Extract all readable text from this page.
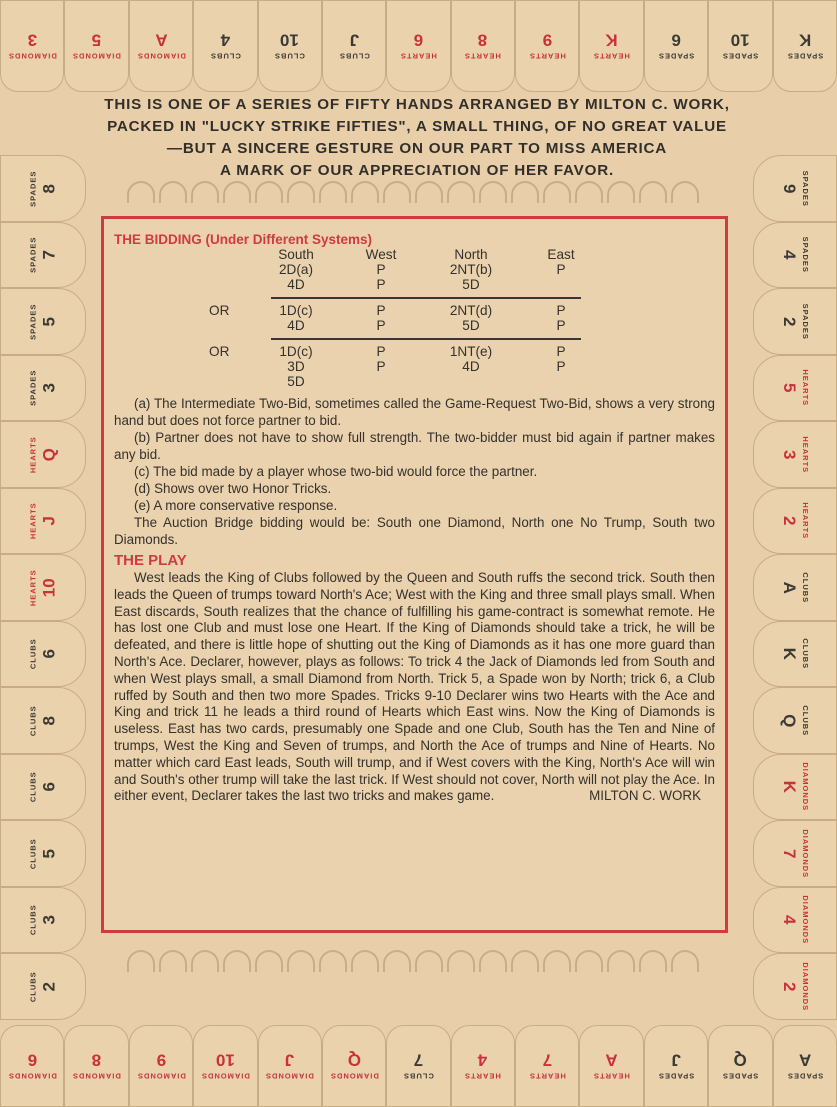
DIAMONDS
3
DIAMONDS
5
DIAMONDS
A
CLUBS
4
CLUBS
10
CLUBS
J
HEARTS
6
HEARTS
8
HEARTS
9
HEARTS
K
SPADES
6
SPADES
10
SPADES
K
DIAMONDS
6
DIAMONDS
8
DIAMONDS
9
DIAMONDS
10
DIAMONDS
J
DIAMONDS
Q
CLUBS
7
HEARTS
4
HEARTS
7
HEARTS
A
SPADES
J
SPADES
Q
SPADES
A
SPADES 8
SPADES 7
SPADES 5
SPADES 3
HEARTS Q
HEARTS J
HEARTS 10
CLUBS 6
CLUBS 8
CLUBS 6
CLUBS 5
CLUBS 3
CLUBS 2
SPADES
9
SPADES
4
SPADES
2
HEARTS
5
HEARTS
3
HEARTS
2
CLUBS
A
CLUBS
K
CLUBS
Q
DIAMONDS
K
DIAMONDS
7
DIAMONDS
4
DIAMONDS
2
THIS IS ONE OF A SERIES OF FIFTY HANDS ARRANGED BY MILTON C. WORK,
PACKED IN "LUCKY STRIKE FIFTIES", A SMALL THING, OF NO GREAT VALUE
—BUT A SINCERE GESTURE ON OUR PART TO MISS AMERICA
A MARK OF OUR APPRECIATION OF HER FAVOR.
THE BIDDING (Under Different Systems)
	South		West		North		East
	2D(a)		P		2NT(b)		P
	4D		P		5D		

OR	1D(c)		P		2NT(d)		P
	4D		P		5D		P

OR	1D(c)		P		1NT(e)		P
	3D		P		4D		P
	5D						

(a) The Intermediate Two-Bid, sometimes called the Game-Request Two-Bid, shows a very strong hand but does not force partner to bid.

(b) Partner does not have to show full strength. The two-bidder must bid again if partner makes any bid.

(c) The bid made by a player whose two-bid would force the partner.

(d) Shows over two Honor Tricks.

(e) A more conservative response.

The Auction Bridge bidding would be: South one Diamond, North one No Trump, South two Diamonds.

THE PLAY

West leads the King of Clubs followed by the Queen and South ruffs the second trick. South then leads the Queen of trumps toward North's Ace; West with the King and three small plays small. When East discards, South realizes that the chance of fulfilling his game-contract is somewhat remote. He has lost one Club and must lose one Heart. If the King of Diamonds should take a trick, he will be defeated, and there is little hope of shutting out the King of Diamonds as it has one more guard than North's Ace. Declarer, however, plays as follows: To trick 4 the Jack of Diamonds led from South and when West plays small, a small Diamond from North. Trick 5, a Spade won by North; trick 6, a Club ruffed by South and then two more Spades. Tricks 9-10 Declarer wins two Hearts with the Ace and King and trick 11 he leads a third round of Hearts which East wins. Now the King of Diamonds is useless. East has two cards, presumably one Spade and one Club, South has the Ten and Nine of trumps, West the King and Seven of trumps, and North the Ace of trumps and Nine of Hearts. No matter which card East leads, South will trump, and if West covers with the King, North's Ace will win and South's other trump will take the last trick. If West should not cover, North will not play the Ace. In either event, Declarer takes the last two tricks and makes game.	MILTON C. WORK
